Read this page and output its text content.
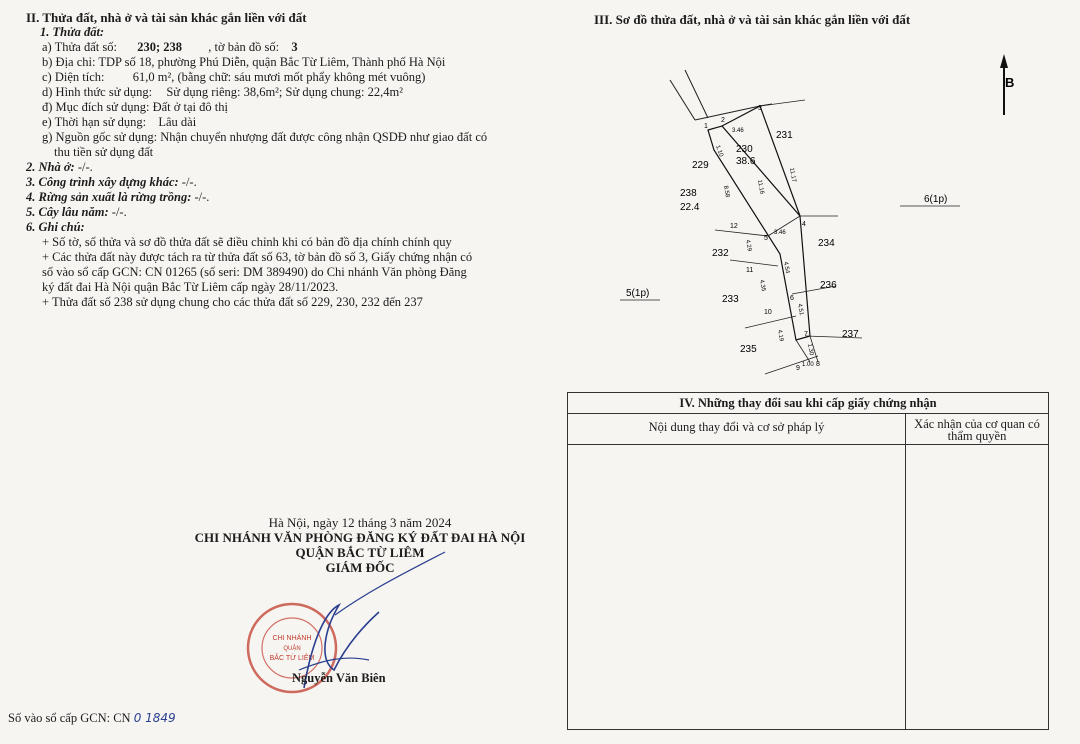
II. Thửa đất, nhà ở và tài sản khác gắn liền với đất
1. Thửa đất:
a) Thửa đất số: 230; 238 , tờ bản đồ số: 3
b) Địa chỉ: TDP số 18, phường Phú Diễn, quận Bắc Từ Liêm, Thành phố Hà Nội
c) Diện tích: 61,0 m², (bằng chữ: sáu mươi mốt phẩy không mét vuông)
d) Hình thức sử dụng: Sử dụng riêng: 38,6m²; Sử dụng chung: 22,4m²
đ) Mục đích sử dụng: Đất ở tại đô thị
e) Thời hạn sử dụng: Lâu dài
g) Nguồn gốc sử dụng: Nhận chuyển nhượng đất được công nhận QSDĐ như giao đất có
thu tiền sử dụng đất
2. Nhà ở: -/-.
3. Công trình xây dựng khác: -/-.
4. Rừng sản xuất là rừng trồng: -/-.
5. Cây lâu năm: -/-.
6. Ghi chú:
+ Số tờ, số thửa và sơ đồ thửa đất sẽ điều chỉnh khi có bản đồ địa chính chính quy
+ Các thửa đất này được tách ra từ thửa đất số 63, tờ bản đồ số 3, Giấy chứng nhận có
số vào sổ cấp GCN: CN 01265 (số seri: DM 389490) do Chi nhánh Văn phòng Đăng
ký đất đai Hà Nội quận Bắc Từ Liêm cấp ngày 28/11/2023.
+ Thửa đất số 238 sử dụng chung cho các thửa đất số 229, 230, 232 đến 237
Hà Nội, ngày 12 tháng 3 năm 2024
CHI NHÁNH VĂN PHÒNG ĐĂNG KÝ ĐẤT ĐAI HÀ NỘI
QUẬN BẮC TỪ LIÊM
GIÁM ĐỐC
CHI NHÁNH
QUẬN
BẮC TỪ LIÊM
Nguyễn Văn Biên
Số vào sổ cấp GCN: CN 0 1849
III. Sơ đồ thửa đất, nhà ở và tài sản khác gắn liền với đất
B
231
230
38.6
229
238
22.4
234
232
236
233
237
235
6(1p)
5(1p)
1
2
3
4
5
6
7
8
9
10
11
12
3.46
1.10
11.16
11.17
8.58
3.46
4.29
4.54
4.35
4.51
4.19
1.30
1.00
IV. Những thay đổi sau khi cấp giấy chứng nhận
Nội dung thay đổi và cơ sở pháp lý	Xác nhận của cơ quan có thẩm quyền
